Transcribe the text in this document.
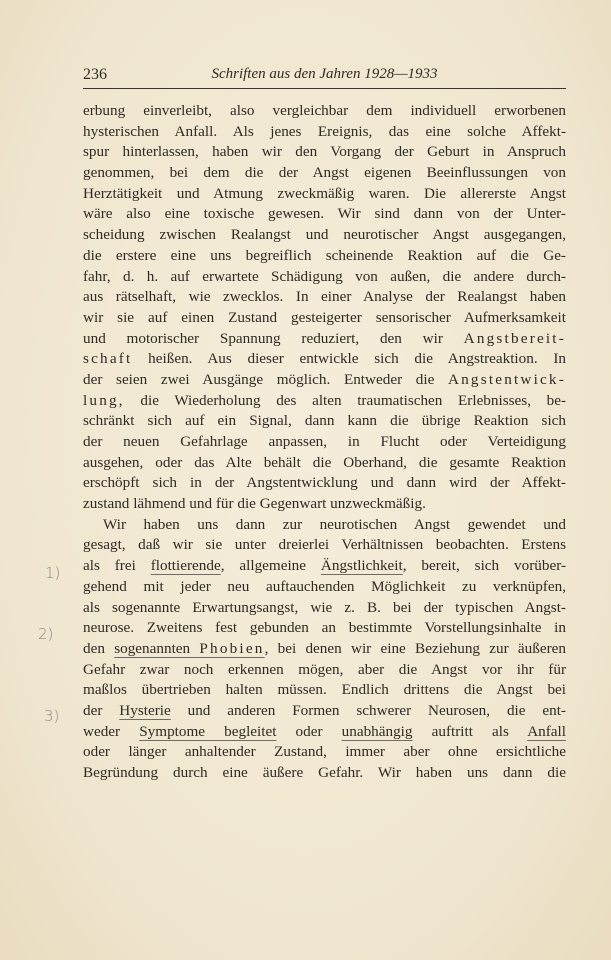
236	Schriften aus den Jahren 1928—1933
1)
2)
3)
erbung einverleibt, also vergleichbar dem individuell erworbenen
hysterischen Anfall. Als jenes Ereignis, das eine solche Affekt-
spur hinterlassen, haben wir den Vorgang der Geburt in Anspruch
genommen, bei dem die der Angst eigenen Beeinflussungen von
Herztätigkeit und Atmung zweckmäßig waren. Die allererste Angst
wäre also eine toxische gewesen. Wir sind dann von der Unter-
scheidung zwischen Realangst und neurotischer Angst ausgegangen,
die erstere eine uns begreiflich scheinende Reaktion auf die Ge-
fahr, d. h. auf erwartete Schädigung von außen, die andere durch-
aus rätselhaft, wie zwecklos. In einer Analyse der Realangst haben
wir sie auf einen Zustand gesteigerter sensorischer Aufmerksamkeit
und motorischer Spannung reduziert, den wir Angstbereit-
schaft heißen. Aus dieser entwickle sich die Angstreaktion. In
der seien zwei Ausgänge möglich. Entweder die Angstentwick-
lung, die Wiederholung des alten traumatischen Erlebnisses, be-
schränkt sich auf ein Signal, dann kann die übrige Reaktion sich
der neuen Gefahrlage anpassen, in Flucht oder Verteidigung
ausgehen, oder das Alte behält die Oberhand, die gesamte Reaktion
erschöpft sich in der Angstentwicklung und dann wird der Affekt-
zustand lähmend und für die Gegenwart unzweckmäßig.
Wir haben uns dann zur neurotischen Angst gewendet und
gesagt, daß wir sie unter dreierlei Verhältnissen beobachten. Erstens
als frei flottierende, allgemeine Ängstlichkeit, bereit, sich vorüber-
gehend mit jeder neu auftauchenden Möglichkeit zu verknüpfen,
als sogenannte Erwartungsangst, wie z. B. bei der typischen Angst-
neurose. Zweitens fest gebunden an bestimmte Vorstellungsinhalte in
den sogenannten Phobien, bei denen wir eine Beziehung zur äußeren
Gefahr zwar noch erkennen mögen, aber die Angst vor ihr für
maßlos übertrieben halten müssen. Endlich drittens die Angst bei
der Hysterie und anderen Formen schwerer Neurosen, die ent-
weder Symptome begleitet oder unabhängig auftritt als Anfall
oder länger anhaltender Zustand, immer aber ohne ersichtliche
Begründung durch eine äußere Gefahr. Wir haben uns dann die
